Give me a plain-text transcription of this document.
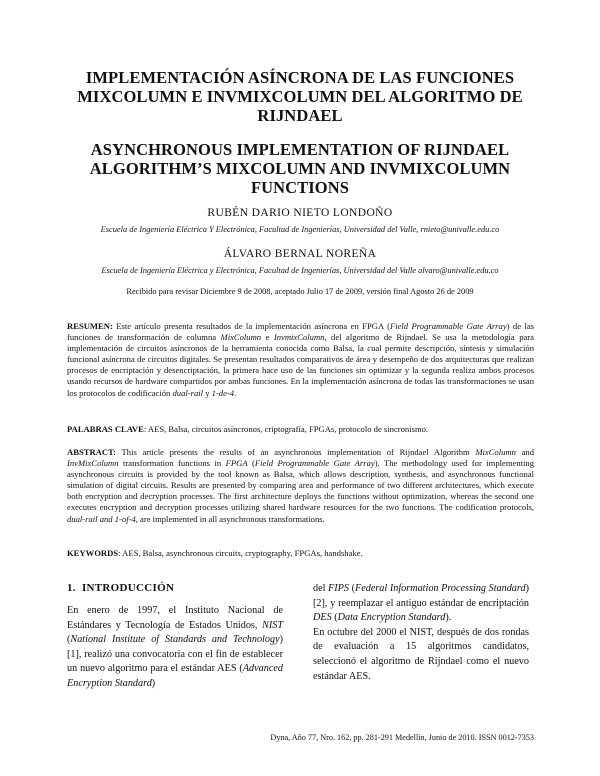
IMPLEMENTACIÓN ASÍNCRONA DE LAS FUNCIONES MIXCOLUMN E INVMIXCOLUMN DEL ALGORITMO DE RIJNDAEL
ASYNCHRONOUS IMPLEMENTATION OF RIJNDAEL ALGORITHM’S MIXCOLUMN AND INVMIXCOLUMN FUNCTIONS
RUBÉN DARIO NIETO LONDOÑO
Escuela de Ingeniería Eléctrica Y Electrónica, Facultad de Ingenierías, Universidad del Valle, rnieto@univalle.edu.co
ÁLVARO BERNAL NOREÑA
Escuela de Ingeniería Eléctrica y Electrónica, Facultad de Ingenierías, Universidad del Valle alvaro@univalle.edu.co
Recibido para revisar Diciembre 9 de 2008, aceptado Julio 17 de 2009, versión final Agosto 26 de 2009
RESUMEN: Este artículo presenta resultados de la implementación asíncrona en FPGA (Field Programmable Gate Array) de las funciones de transformación de columna MixColumn e InvmixColumn, del algoritmo de Rijndael. Se usa la metodología para implementación de circuitos asíncronos de la herramienta conocida como Balsa, la cual permite descripción, síntesis y simulación funcional asíncrona de circuitos digitales. Se presentan resultados comparativos de área y desempeño de dos arquitecturas que realizan procesos de encriptación y desencriptación, la primera hace uso de las funciones sin optimizar y la segunda realiza ambos procesos usando recursos de hardware compartidos por ambas funciones. En la implementación asíncrona de todas las transformaciones se usan los protocolos de codificación dual-rail y 1-de-4.
PALABRAS CLAVE: AES, Balsa, circuitos asíncronos, criptografía, FPGAs, protocolo de sincronismo.
ABSTRACT: This article presents the results of an asynchronous implementation of Rijndael Algorithm MixColumn and InvMixColumn transformation functions in FPGA (Field Programmable Gate Array). The methodology used for implementing asynchronous circuits is provided by the tool known as Balsa, which allows description, synthesis, and asynchronous functional simulation of digital circuits. Results are presented by comparing area and performance of two different architectures, which execute both encryption and decryption processes. The first architecture deploys the functions without optimization, whereas the second one executes encryption and decryption processes utilizing shared hardware resources for the two functions. The codification protocols, dual-rail and 1-of-4, are implemented in all asynchronous transformations.
KEYWORDS: AES, Balsa, asynchronous circuits, cryptography, FPGAs, handshake.
1. INTRODUCCIÓN
En enero de 1997, el Instituto Nacional de Estándares y Tecnología de Estados Unidos, NIST (National Institute of Standards and Technology) [1], realizó una convocatoria con el fin de establecer un nuevo algoritmo para el estándar AES (Advanced Encryption Standard)
del FIPS (Federal Information Processing Standard) [2], y reemplazar el antiguo estándar de encriptación DES (Data Encryption Standard).
En octubre del 2000 el NIST, después de dos rondas de evaluación a 15 algoritmos candidatos, seleccionó el algoritmo de Rijndael como el nuevo estándar AES.
Dyna, Año 77, Nro. 162, pp. 281-291 Medellín, Junio de 2010. ISSN 0012-7353
